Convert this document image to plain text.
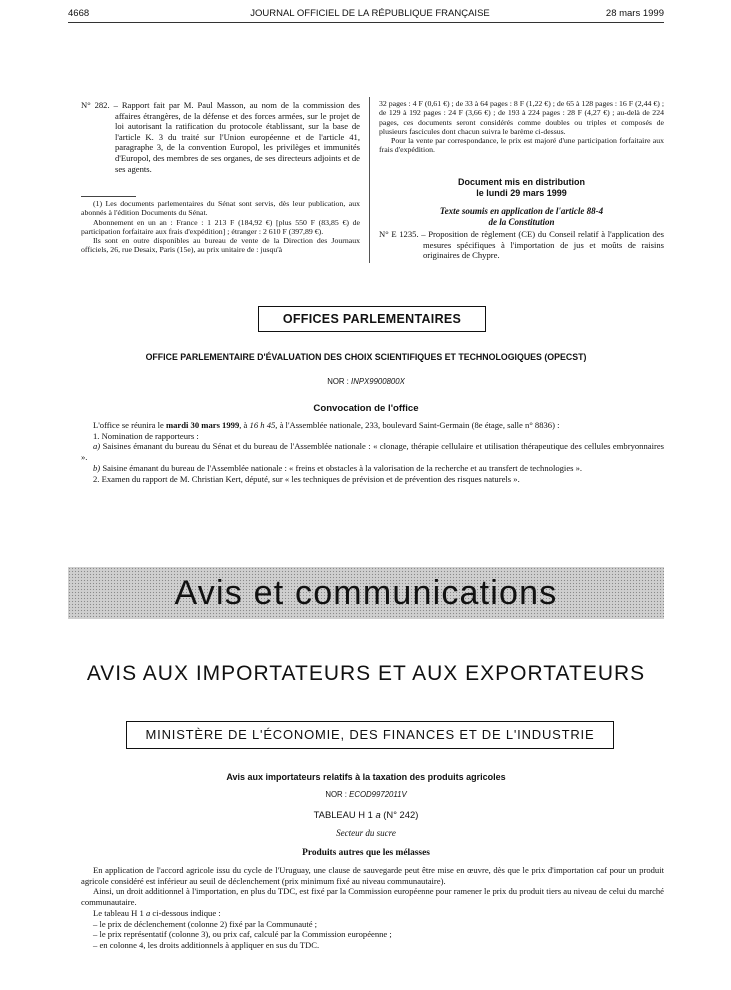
4668	JOURNAL OFFICIEL DE LA RÉPUBLIQUE FRANÇAISE	28 mars 1999

N° 282. – Rapport fait par M. Paul Masson, au nom de la commission des affaires étrangères, de la défense et des forces armées, sur le projet de loi autorisant la ratification du protocole établissant, sur la base de l'article K. 3 du traité sur l'Union européenne et de l'article 41, paragraphe 3, de la convention Europol, les privilèges et immunités d'Europol, des membres de ses organes, de ses directeurs adjoints et de ses agents.

(1) Les documents parlementaires du Sénat sont servis, dès leur publication, aux abonnés à l'édition Documents du Sénat.

Abonnement en un an : France : 1 213 F (184,92 €) [plus 550 F (83,85 €) de participation forfaitaire aux frais d'expédition] ; étranger : 2 610 F (397,89 €).

Ils sont en outre disponibles au bureau de vente de la Direction des Journaux officiels, 26, rue Desaix, Paris (15e), au prix unitaire de : jusqu'à

32 pages : 4 F (0,61 €) ; de 33 à 64 pages : 8 F (1,22 €) ; de 65 à 128 pages : 16 F (2,44 €) ; de 129 à 192 pages : 24 F (3,66 €) ; de 193 à 224 pages : 28 F (4,27 €) ; au-delà de 224 pages, ces documents seront considérés comme doubles ou triples et composés de plusieurs fascicules dont chacun suivra le barème ci-dessus.

Pour la vente par correspondance, le prix est majoré d'une participation forfaitaire aux frais d'expédition.

Document mis en distribution
le lundi 29 mars 1999
Texte soumis en application de l'article 88-4
de la Constitution

N° E 1235. – Proposition de règlement (CE) du Conseil relatif à l'application des mesures spécifiques à l'importation de jus et moûts de raisins originaires de Chypre.

OFFICES PARLEMENTAIRES
OFFICE PARLEMENTAIRE D'ÉVALUATION DES CHOIX SCIENTIFIQUES ET TECHNOLOGIQUES (OPECST)
NOR : INPX9900800X
Convocation de l'office

L'office se réunira le mardi 30 mars 1999, à 16 h 45, à l'Assemblée nationale, 233, boulevard Saint-Germain (8e étage, salle n° 8836) :

1. Nomination de rapporteurs :

a) Saisines émanant du bureau du Sénat et du bureau de l'Assemblée nationale : « clonage, thérapie cellulaire et utilisation thérapeutique des cellules embryonnaires ».

b) Saisine émanant du bureau de l'Assemblée nationale : « freins et obstacles à la valorisation de la recherche et au transfert de technologies ».

2. Examen du rapport de M. Christian Kert, député, sur « les techniques de prévision et de prévention des risques naturels ».

Avis et communications
AVIS AUX IMPORTATEURS ET AUX EXPORTATEURS
MINISTÈRE DE L'ÉCONOMIE, DES FINANCES ET DE L'INDUSTRIE
Avis aux importateurs relatifs à la taxation des produits agricoles
NOR : ECOD9972011V
TABLEAU H 1 a (N° 242)
Secteur du sucre
Produits autres que les mélasses

En application de l'accord agricole issu du cycle de l'Uruguay, une clause de sauvegarde peut être mise en œuvre, dès que le prix d'importation caf pour un produit agricole considéré est inférieur au seuil de déclenchement (prix minimum fixé au niveau communautaire).

Ainsi, un droit additionnel à l'importation, en plus du TDC, est fixé par la Commission européenne pour ramener le prix du produit tiers au niveau de celui du marché communautaire.

Le tableau H 1 a ci-dessous indique :

– le prix de déclenchement (colonne 2) fixé par la Communauté ;

– le prix représentatif (colonne 3), ou prix caf, calculé par la Commission européenne ;

– en colonne 4, les droits additionnels à appliquer en sus du TDC.
